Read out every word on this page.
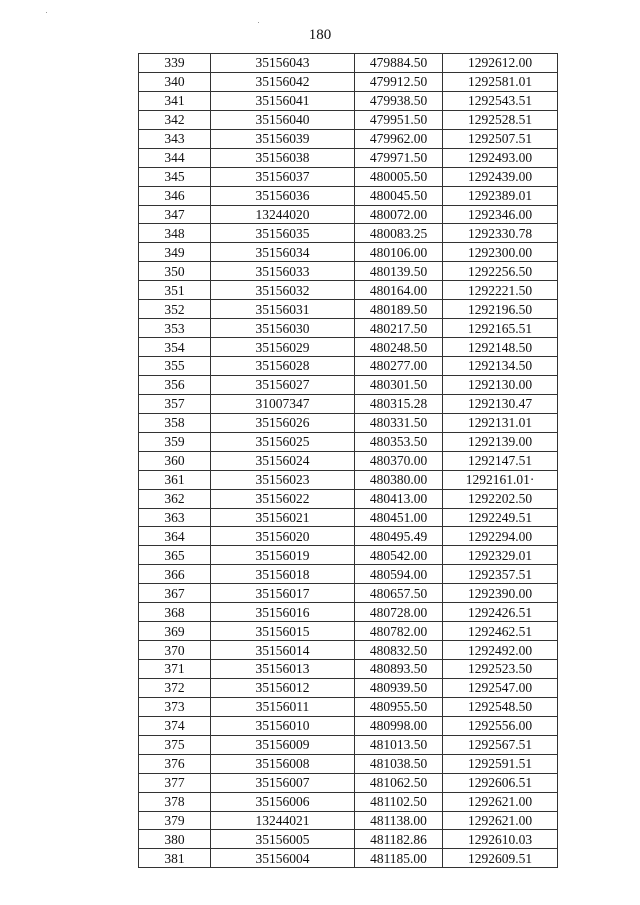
180
339	35156043	479884.50	1292612.00
340	35156042	479912.50	1292581.01
341	35156041	479938.50	1292543.51
342	35156040	479951.50	1292528.51
343	35156039	479962.00	1292507.51
344	35156038	479971.50	1292493.00
345	35156037	480005.50	1292439.00
346	35156036	480045.50	1292389.01
347	13244020	480072.00	1292346.00
348	35156035	480083.25	1292330.78
349	35156034	480106.00	1292300.00
350	35156033	480139.50	1292256.50
351	35156032	480164.00	1292221.50
352	35156031	480189.50	1292196.50
353	35156030	480217.50	1292165.51
354	35156029	480248.50	1292148.50
355	35156028	480277.00	1292134.50
356	35156027	480301.50	1292130.00
357	31007347	480315.28	1292130.47
358	35156026	480331.50	1292131.01
359	35156025	480353.50	1292139.00
360	35156024	480370.00	1292147.51
361	35156023	480380.00	1292161.01·
362	35156022	480413.00	1292202.50
363	35156021	480451.00	1292249.51
364	35156020	480495.49	1292294.00
365	35156019	480542.00	1292329.01
366	35156018	480594.00	1292357.51
367	35156017	480657.50	1292390.00
368	35156016	480728.00	1292426.51
369	35156015	480782.00	1292462.51
370	35156014	480832.50	1292492.00
371	35156013	480893.50	1292523.50
372	35156012	480939.50	1292547.00
373	35156011	480955.50	1292548.50
374	35156010	480998.00	1292556.00
375	35156009	481013.50	1292567.51
376	35156008	481038.50	1292591.51
377	35156007	481062.50	1292606.51
378	35156006	481102.50	1292621.00
379	13244021	481138.00	1292621.00
380	35156005	481182.86	1292610.03
381	35156004	481185.00	1292609.51
